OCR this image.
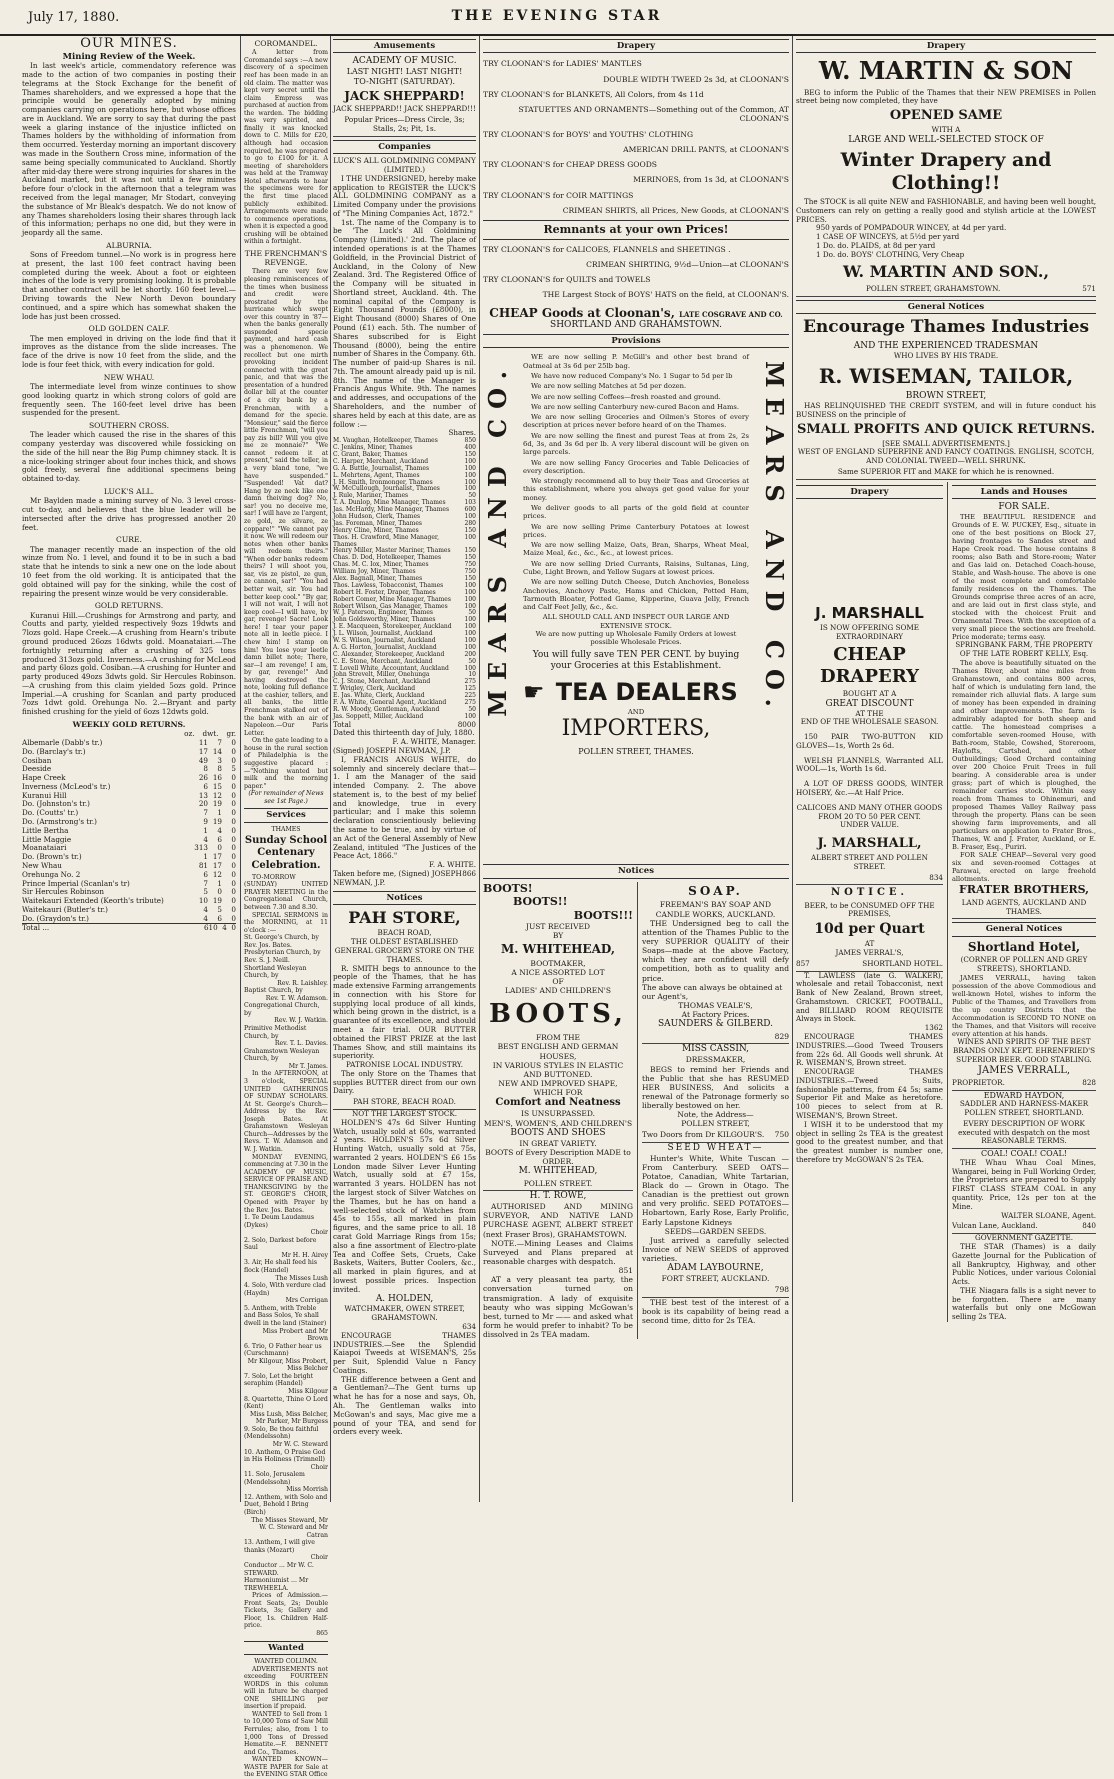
July 17, 1880.	THE EVENING STAR
OUR MINES.
Mining Review of the Week.

In last week's article, commendatory reference was made to the action of two companies in posting their telegrams at the Stock Exchange for the benefit of Thames shareholders, and we expressed a hope that the principle would be generally adopted by mining companies carrying on operations here, but whose offices are in Auckland. We are sorry to say that during the past week a glaring instance of the injustice inflicted on Thames holders by the withholding of information from them occurred. Yesterday morning an important discovery was made in the Southern Cross mine, information of the same being specially communicated to Auckland. Shortly after mid-day there were strong inquiries for shares in the Auckland market, but it was not until a few minutes before four o'clock in the afternoon that a telegram was received from the legal manager, Mr Stodart, conveying the substance of Mr Bleak's despatch. We do not know of any Thames shareholders losing their shares through lack of this information; perhaps no one did, but they were in jeopardy all the same.

ALBURNIA.

Sons of Freedom tunnel.—No work is in progress here at present, the last 100 feet contract having been completed during the week. About a foot or eighteen inches of the lode is very promising looking. It is probable that another contract will be let shortly. 160 feet level.—Driving towards the New North Devon boundary continued, and a spire which has somewhat shaken the lode has just been crossed.

OLD GOLDEN CALF.

The men employed in driving on the lode find that it improves as the distance from the slide increases. The face of the drive is now 10 feet from the slide, and the lode is four feet thick, with every indication for gold.

NEW WHAU.

The intermediate level from winze continues to show good looking quartz in which strong colors of gold are frequently seen. The 160-feet level drive has been suspended for the present.

SOUTHERN CROSS.

The leader which caused the rise in the shares of this company yesterday was discovered while fossicking on the side of the hill near the Big Pump chimney stack. It is a nice-looking stringer about four inches thick, and shows gold freely, several fine additional specimens being obtained to-day.

LUCK'S ALL.

Mr Baylden made a mining survey of No. 3 level cross-cut to-day, and believes that the blue leader will be intersected after the drive has progressed another 20 feet.

CURE.

The manager recently made an inspection of the old winze from No. 1 level, and found it to be in such a bad state that he intends to sink a new one on the lode about 10 feet from the old working. It is anticipated that the gold obtained will pay for the sinking, while the cost of repairing the present winze would be very considerable.

GOLD RETURNS.

Kuranui Hill.—Crushings for Armstrong and party, and Coutts and party, yielded respectively 9ozs 19dwts and 7lozs gold. Hape Creek.—A crushing from Hearn's tribute ground produced 26ozs 16dwts gold. Moanataiari.—The fortnightly returning after a crushing of 325 tons produced 313ozs gold. Inverness.—A crushing for McLeod and party 6lozs gold. Cosiban.—A crushing for Hunter and party produced 49ozs 3dwts gold. Sir Hercules Robinson.—A crushing from this claim yielded 5ozs gold. Prince Imperial.—A crushing for Scanlan and party produced 7ozs 1dwt gold. Orehunga No. 2.—Bryant and party finished crushing for the yield of 6ozs 12dwts gold.

WEEKLY GOLD RETURNS.
oz. dwt. gr.
Albemarle (Dabb's tr.)	11 7 0
Do. (Barclay's tr.)	17 14 0
Cosiban	49 3 0
Deeside	8 8 5
Hape Creek	26 16 0
Inverness (McLeod's tr.)	6 15 0
Kuranui Hill	13 12 0
Do. (Johnston's tr.)	20 19 0
Do. (Coutts' tr.)	7 1 0
Do. (Armstrong's tr.)	9 19 0
Little Bertha	1 4 0
Little Maggie	4 6 0
Moanataiari	313 0 0
Do. (Brown's tr.)	1 17 0
New Whau	81 17 0
Orehunga No. 2	6 12 0
Prince Imperial (Scanlan's tr)	7 1 0
Sir Hercules Robinson	5 0 0
Waitekauri Extended (Keorth's tribute)	10 19 0
Waitekauri (Butler's tr.)	4 5 0
Do. (Graydon's tr.)	4 6 0
Total ...	610 4 0
COROMANDEL.

A letter from Coromandel says :—A new discovery of a specimen reef has been made in an old claim. The matter was kept very secret until the claim Empress was purchased at auction from the warden. The bidding was very spirited, and finally it was knocked down to C. Mills for £20, although had occasion required, he was prepared to go to £100 for it. A meeting of shareholders was held at the Tramway Hotel afterwards to hear the specimens were for the first time placed publicly exhibited. Arrangements were made to commence operations, when it is expected a good crushing will be obtained within a fortnight.

THE FRENCHMAN'S REVENGE.

There are very few pleasing reminiscences of the times when business and credit were prostrated by the hurricane which swept over this country in '87—when the banks generally suspended specie payment, and hard cash was a phenomenon. We recollect but one mirth provoking incident connected with the great panic, and that was the presentation of a hundred dollar bill at the counter of a city bank by a Frenchman, with a demand for the specie. "Monsieur," said the fierce little Frenchman, "will you pay zis bill? Will you give me ze monnaie?" "We cannot redeem it at present," said the teller, in a very bland tone, "we have suspended." "Suspended! Vat dat? Hang by ze neck like one damn theiving dog? No, sar! you no deceive me, sar! I will have ze l'argent, ze gold, ze silvare, ze coppare!" "We cannot pay it now. We will redeem our notes when other banks will redeem theirs." "When oder banks redeem theirs? I will shoot you, sar, vis ze pistol, ze gun, ze cannon, sar!" "You had better wait, sir. You had better keep cool." "By gar, I will not wait, I will not keep cool—I will have, by gar, revenge! Sacre! Look here! I tear your paper note all in leetle piece. I chew him! I stamp on him! You lose your leetle damn billet note; There, sar—I am revenge! I am, by gar, revenge!" And having destroyed the note, looking full defiance at the cashier, tellers, and all banks, the little Frenchman stalked out of the bank with an air of Napoleon.—Our Paris Letter.

On the gate leading to a house in the rural section of Philadelphia is the suggestive placard :—"Nothing wanted but milk and the morning paper."

(For remainder of News see 1st Page.)
Services
THAMES
Sunday School Centenary Celebration.

TO-MORROW (SUNDAY) UNITED PRAYER MEETING in the Congregational Church, between 7.30 and 8.30.

SPECIAL SERMONS in the MORNING, at 11 o'clock :—

St. George's Church, by Rev. Jos. Bates.
Presbyterian Church, by Rev. S. J. Neill.
Shortland Wesleyan Church, by
Rev. R. Laishley.
Baptist Church, by
Rev. T. W. Adamson.
Congregational Church, by
Rev. W. J. Watkin.
Primitive Methodist Church, by
Rev. T. L. Davies.
Grahamstown Wesleyan Church, by
Mr T. James.

In the AFTERNOON, at 3 o'clock, SPECIAL UNITED GATHERINGS OF SUNDAY SCHOLARS. At St. George's Church—Address by the Rev. Joseph Bates. At Grahamstown Wesleyan Church—Addresses by the Revs. T. W. Adamson and W. J. Watkin.

MONDAY EVENING, commencing at 7.30 in the ACADEMY OF MUSIC, SERVICE OF PRAISE AND THANKSGIVING by the ST. GEORGE'S CHOIR, Opened with Prayer by the Rev. Jos. Bates.

1. Te Deum Laudamus (Dykes)
Choir
2. Solo, Darkest before Saul
Mr H. H. Airey
3. Air, He shall feed his flock (Handel)
The Misses Lush
4. Solo, With verdure clad (Haydn)
Mrs Corrigan
5. Anthem, with Treble and Bass Solos, Ye shall dwell in the land (Stainer)
Miss Probert and Mr Brown
6. Trio, O Father hear us (Curschmann)
Mr Kilgour, Miss Probert, Miss Belcher
7. Solo, Let the bright seraphim (Handel)
Miss Kilgour
8. Quartette, Thine O Lord (Kent)
Miss Lush, Miss Belcher, Mr Parker, Mr Burgess
9. Solo, Be thou faithful (Mendelssohn)
Mr W. C. Steward
10. Anthem, O Praise God in His Holiness (Trimnell)
Choir
11. Solo, Jerusalem (Mendelssohn)
Miss Morrish
12. Anthem, with Solo and Duet, Behold I Bring (Birch)
The Misses Steward, Mr W. C. Steward and Mr Catran
13. Anthem, I will give thanks (Mozart)
Choir
Conductor ... Mr W. C. STEWARD.
Harmoniumist ... Mr TREWHEELA.

Prices of Admission.—Front Seats, 2s; Double Tickets, 3s; Gallery and Floor, 1s. Children Half-price.

865
Wanted
WANTED COLUMN.

ADVERTISEMENTS not exceeding FOURTEEN WORDS in this column will in future be charged ONE SHILLING per insertion if prepaid.

WANTED to Sell from 1 to 10,000 Tons of Saw Mill Ferrules; also, from 1 to 1,000 Tons of Dressed Hematite.—F. BENNETT and Co., Thames.

WANTED KNOWN—WASTE PAPER for Sale at the EVENING STAR Office

Amusements
ACADEMY OF MUSIC.
LAST NIGHT! LAST NIGHT!
TO-NIGHT (SATURDAY).
JACK SHEPPARD!
JACK SHEPPARD!! JACK SHEPPARD!!!
Popular Prices—Dress Circle, 3s; Stalls, 2s; Pit, 1s.
Companies
LUCK'S ALL GOLDMINING COMPANY (LIMITED.)

I THE UNDERSIGNED, hereby make application to REGISTER the LUCK'S ALL GOLDMINING COMPANY as a Limited Company under the provisions of "The Mining Companies Act, 1872."

1st. The name of the Company is to be 'The Luck's All Goldmining Company (Limited).' 2nd. The place of intended operations is at the Thames Goldfield, in the Provincial District of Auckland, in the Colony of New Zealand. 3rd. The Registered Office of the Company will be situated in Shortland street, Auckland. 4th. The nominal capital of the Company is Eight Thousand Pounds (£8000), in Eight Thousand (8000) Shares of One Pound (£1) each. 5th. The number of Shares subscribed for is Eight Thousand (8000), being the entire number of Shares in the Company. 6th. The number of paid-up Shares is nil. 7th. The amount already paid up is nil. 8th. The name of the Manager is Francis Angus White. 9th. The names and addresses, and occupations of the Shareholders, and the number of shares held by each at this date, are as follow :—

Shares.
M. Vaughan, Hotelkeeper, Thames	850
C. Jenkins, Miner, Thames	400
C. Grant, Baker, Thames	150
C. Harper, Merchant, Auckland	100
G. A. Buttle, Journalist, Thames	100
L. Mehrtens, Agent, Thames	100
J. H. Smith, Ironmonger, Thames	100
W. McCullough, Journalist, Thames	100
J. Rule, Mariner, Thames	50
T. A. Dunlop, Mine Manager, Thames	103
Jas. McHardy, Mine Manager, Thames	600
John Hudson, Clerk, Thames	100
Jas. Foreman, Miner, Thames	280
Henry Cline, Miner, Thames	150
Thos. H. Crawford, Mine Manager, Thames
100
Henry Miller, Master Mariner, Thames 150
Chas. D. Dod, Hotelkeeper, Thames	150
Chas. M. C. Iox, Miner, Thames	750
William Joy, Miner, Thames	750
Alex. Bagnall, Miner, Thames	150
Thos. Lawless, Tobacconist, Thames	100
Robert H. Foster, Draper, Thames	100
Robert Comer, Mine Manager, Thames 100
Robert Wilson, Gas Manager, Thames	100
W. J. Paterson, Engineer, Thames	50
John Goldsworthy, Miner, Thames	100
J. E. Macqueen, Storekeeper, Auckland 100
J. L. Wilson, Journalist, Auckland	100
W. S. Wilson, Journalist, Auckland	100
A. G. Horton, Journalist, Auckland	100
C. Alexander, Storekeeper, Auckland	200
C. E. Stone, Merchant, Auckland	50
T. Lovell White, Accountant, Auckland	100
John Strevelt, Miller, Onehunga	10
C. J. Stone, Merchant, Auckland	275
T. Wrigley, Clerk, Auckland	125
E. Jas. White, Clerk, Auckland	225
F. A. White, General Agent, Auckland	275
R. W. Moody, Gentleman, Auckland	50
Jas. Soppett, Miller, Auckland	100
Total	8000
Dated this thirteenth day of July, 1880.
F. A. WHITE, Manager.
(Signed) JOSEPH NEWMAN, J.P.

I, FRANCIS ANGUS WHITE, do solemnly and sincerely declare that— 1. I am the Manager of the said intended Company. 2. The above statement is, to the best of my belief and knowledge, true in every particular; and I make this solemn declaration conscientiously believing the same to be true, and by virtue of an Act of the General Assembly of New Zealand, intituled "The Justices of the Peace Act, 1866."

F. A. WHITE.
Taken before me, (Signed) JOSEPH NEWMAN, J.P.
866
Notices
PAH STORE,
BEACH ROAD,
THE OLDEST ESTABLISHED GENERAL GROCERY STORE ON THE THAMES.

R. SMITH begs to announce to the people of the Thames, that he has made extensive Farming arrangements in connection with his Store for supplying local produce of all kinds, which being grown in the district, is a guarantee of its excellence, and should meet a fair trial. OUR BUTTER obtained the FIRST PRIZE at the last Thames Show, and still maintains its superiority.

PATRONISE LOCAL INDUSTRY.

The only Store on the Thames that supplies BUTTER direct from our own Dairy.

PAH STORE, BEACH ROAD.
NOT THE LARGEST STOCK.

HOLDEN'S 47s 6d Silver Hunting Watch, usually sold at 60s, warranted 2 years. HOLDEN'S 57s 6d Silver Hunting Watch, usually sold at 75s, warranted 2 years. HOLDEN'S £6 15s London made Silver Lever Hunting Watch, usually sold at £7 15s, warranted 3 years. HOLDEN has not the largest stock of Silver Watches on the Thames, but he has on hand a well-selected stock of Watches from 45s to 155s, all marked in plain figures, and the same price to all. 18 carat Gold Marriage Rings from 15s; also a fine assortment of Electro-plate Tea and Coffee Sets, Cruets, Cake Baskets, Waiters, Butter Coolers, &c., all marked in plain figures, and at lowest possible prices. Inspection invited.

A. HOLDEN,
WATCHMAKER, OWEN STREET, GRAHAMSTOWN.
634

ENCOURAGE THAMES INDUSTRIES.—See the Splendid Kaiapoi Tweeds at WISEMAN'S, 25s per Suit, Splendid Value n Fancy Coatings.

THE difference between a Gent and a Gentleman?—The Gent turns up what he has for a nose and says, Oh, Ah. The Gentleman walks into McGowan's and says, Mac give me a pound of your TEA, and send for orders every week.

Drapery
TRY CLOONAN'S for LADIES' MANTLES
DOUBLE WIDTH TWEED 2s 3d, at CLOONAN'S
TRY CLOONAN'S for BLANKETS, All Colors, from 4s 11d
STATUETTES AND ORNAMENTS—Something out of the Common, AT CLOONAN'S
TRY CLOONAN'S for BOYS' and YOUTHS' CLOTHING
AMERICAN DRILL PANTS, at CLOONAN'S
TRY CLOONAN'S for CHEAP DRESS GOODS
MERINOES, from 1s 3d, at CLOONAN'S
TRY CLOONAN'S for COIR MATTINGS
CRIMEAN SHIRTS, all Prices, New Goods, at CLOONAN'S
Remnants at your own Prices!
TRY CLOONAN'S for CALICOES, FLANNELS and SHEETINGS .
CRIMEAN SHIRTING, 9½d—Union—at CLOONAN'S
TRY CLOONAN'S for QUILTS and TOWELS
THE Largest Stock of BOYS' HATS on the field, at CLOONAN'S.
CHEAP Goods at Cloonan's, LATE COSGRAVE AND CO.
SHORTLAND AND GRAHAMSTOWN.
Provisions
MEARS AND CO.	MEARS AND CO.

WE are now selling P. McGill's and other best brand of Oatmeal at 3s 6d per 25lb bag.

We have now reduced Company's No. 1 Sugar to 5d per lb

We are now selling Matches at 5d per dozen.

We are now selling Coffees—fresh roasted and ground.

We are now selling Canterbury new-cured Bacon and Hams.

We are now selling Groceries and Oilmen's Stores of every description at prices never before heard of on the Thames.

We are now selling the finest and purest Teas at from 2s, 2s 6d, 3s, and 3s 6d per lb. A very liberal discount will be given on large parcels.

We are now selling Fancy Groceries and Table Delicacies of every description.

We strongly recommend all to buy their Teas and Groceries at this establishment, where you always get good value for your money.

We deliver goods to all parts of the gold field at counter prices.

We are now selling Prime Canterbury Potatoes at lowest prices.

We are now selling Maize, Oats, Bran, Sharps, Wheat Meal, Maize Meal, &c., &c., &c., at lowest prices.

We are now selling Dried Currants, Raisins, Sultanas, Ling, Cube, Light Brown, and Yellow Sugars at lowest prices.

We are now selling Dutch Cheese, Dutch Anchovies, Boneless Anchovies, Anchovy Paste, Hams and Chicken, Potted Ham, Tarmouth Bloater, Potted Game, Kipperine, Guava Jelly, French and Calf Feet Jelly, &c., &c.

ALL SHOULD CALL AND INSPECT OUR LARGE AND EXTENSIVE STOCK.
We are now putting up Wholesale Family Orders at lowest possible Wholesale Prices.
You will fully save TEN PER CENT. by buying your Groceries at this Establishment.
☛ TEA DEALERS
AND
IMPORTERS,
POLLEN STREET, THAMES.
Notices
BOOTS!
BOOTS!!
BOOTS!!!
JUST RECEIVED
BY
M. WHITEHEAD,
BOOTMAKER,
A NICE ASSORTED LOT
OF
LADIES' AND CHILDREN'S
BOOTS,
FROM THE
BEST ENGLISH AND GERMAN HOUSES,
IN VARIOUS STYLES IN ELASTIC AND BUTTONED.
NEW AND IMPROVED SHAPE,
WHICH FOR
Comfort and Neatness
IS UNSURPASSED.
MEN'S, WOMEN'S, AND CHILDREN'S
BOOTS AND SHOES
IN GREAT VARIETY.
BOOTS of Every Description MADE to ORDER.
M. WHITEHEAD,
POLLEN STREET.
H. T. ROWE,

AUTHORISED AND MINING SURVEYOR, AND NATIVE LAND PURCHASE AGENT, ALBERT STREET (next Fraser Bros), GRAHAMSTOWN.

NOTE.—Mining Leases and Claims Surveyed and Plans prepared at reasonable charges with despatch.

851

AT a very pleasant tea party, the conversation turned on transmigration. A lady of exquisite beauty who was sipping McGowan's best, turned to Mr —— and asked what form he would prefer to inhabit? To be dissolved in 2s TEA madam.

SOAP.
FREEMAN'S BAY SOAP AND CANDLE WORKS, AUCKLAND.

THE Undersigned beg to call the attention of the Thames Public to the very SUPERIOR QUALITY of their Soaps—made at the above Factory, which they are confident will defy competition, both as to quality and price.

The above can always be obtained at our Agent's,
THOMAS VEALE'S,
At Factory Prices.
SAUNDERS & GILBERD.
829
MISS CASSIN,
DRESSMAKER,

BEGS to remind her Friends and the Public that she has RESUMED HER BUSINESS, And solicits a renewal of the Patronage formerly so liberally bestowed on her.

Note, the Address—
POLLEN STREET,
Two Doors from Dr KILGOUR'S. 750
SEED WHEAT—

Hunter's White, White Tuscan — From Canterbury. SEED OATS—Potatoe, Canadian, White Tartarian, Black do — Grown in Otago. The Canadian is the prettiest out grown and very prolific. SEED POTATOES—Hobartown, Early Rose, Early Prolific, Early Lapstone Kidneys

SEEDS—GARDEN SEEDS.

Just arrived a carefully selected Invoice of NEW SEEDS of approved varieties.

ADAM LAYBOURNE,
FORT STREET, AUCKLAND.
798

THE best test of the interest of a book is its capability of being read a second time, ditto for 2s TEA.

Drapery
W. MARTIN & SON

BEG to inform the Public of the Thames that their NEW PREMISES in Pollen street being now completed, they have

OPENED SAME
WITH A
LARGE AND WELL-SELECTED STOCK OF
Winter Drapery and Clothing!!

The STOCK is all quite NEW and FASHIONABLE, and having been well bought, Customers can rely on getting a really good and stylish article at the LOWEST PRICES.

950 yards of POMPADOUR WINCEY, at 4d per yard.
1 CASE OF WINCEYS, at 5½d per yard
1 Do. do. PLAIDS, at 8d per yard
1 Do. do. BOYS' CLOTHING, Very Cheap
W. MARTIN AND SON.,
POLLEN STREET, GRAHAMSTOWN.	571
General Notices
Encourage Thames Industries
AND THE EXPERIENCED TRADESMAN
WHO LIVES BY HIS TRADE.
R. WISEMAN, TAILOR,
BROWN STREET,

HAS RELINQUISHED THE CREDIT SYSTEM, and will in future conduct his BUSINESS on the principle of

SMALL PROFITS AND QUICK RETURNS.
[SEE SMALL ADVERTISEMENTS.]
WEST OF ENGLAND SUPERFINE AND FANCY COATINGS. ENGLISH, SCOTCH, AND COLONIAL TWEED—WELL SHRUNK.
Same SUPERIOR FIT and MAKE for which he is renowned.
Drapery
J. MARSHALL
IS NOW OFFERING SOME EXTRAORDINARY
CHEAP DRAPERY
BOUGHT AT A
GREAT DISCOUNT
AT THE
END OF THE WHOLESALE SEASON.

150 PAIR TWO-BUTTON KID GLOVES—1s, Worth 2s 6d.

WELSH FLANNELS, Warranted ALL WOOL—1s, Worth 1s 6d.

A LOT OF DRESS GOODS, WINTER HOISERY, &c.—At Half Price.

CALICOES AND MANY OTHER GOODS
FROM 20 TO 50 PER CENT.
UNDER VALUE.
J. MARSHALL,
ALBERT STREET AND POLLEN STREET.
834
NOTICE.
BEER, to be CONSUMED OFF THE PREMISES,
10d per Quart
AT
JAMES VERRAL'S,
857	SHORTLAND HOTEL.

T. LAWLESS (late G. WALKER), wholesale and retail Tobacconist, next Bank of New Zealand, Brown street, Grahamstown. CRICKET, FOOTBALL, and BILLIARD ROOM REQUISITE Always in Stock.

1362

ENCOURAGE THAMES INDUSTRIES.—Good Tweed Trousers from 22s 6d. All Goods well shrunk. At R. WISEMAN'S, Brown street.

ENCOURAGE THAMES INDUSTRIES.—Tweed Suits, fashionable patterns, from £4 5s; same Superior Fit and Make as heretofore. 100 pieces to select from at R. WISEMAN'S, Brown Street.

I WISH it to be understood that my object in selling 2s TEA is the greatest good to the greatest number, and that the greatest number is number one, therefore try McGOWAN'S 2s TEA.

Lands and Houses
FOR SALE.

THE BEAUTIFUL RESIDENCE and Grounds of E. W. PUCKEY, Esq., situate in one of the best positions on Block 27, having frontages to Sandes street and Hape Creek road. The house contains 8 rooms; also Bath and Store-room; Water and Gas laid on. Detached Coach-house, Stable, and Wash-house. The above is one of the most complete and comfortable family residences on the Thames. The Grounds comprise three acres of an acre, and are laid out in first class style, and stocked with the choicest Fruit and Ornamental Trees. With the exception of a very small piece the sections are freehold. Price moderate; terms easy.

SPRINGBANK FARM, THE PROPERTY OF THE LATE ROBERT KELLY, Esq.

The above is beautifully situated on the Thames River, about nine miles from Grahamstown, and contains 800 acres, half of which is undulating fern land, the remainder rich alluvial flats. A large sum of money has been expended in draining and other improvements. The farm is admirably adapted for both sheep and cattle. The homestead comprises a comfortable seven-roomed House, with Bath-room, Stable, Cowshed, Storeroom, Haylofts, Cartshed, and other Outbuildings; Good Orchard containing over 200 Choice Fruit Trees in full bearing. A considerable area is under grass; part of which is ploughed, the remainder carries stock. Within easy reach from Thames to Ohinemuri, and proposed Thames Valley Railway pass through the property. Plans can be seen showing farm improvements, and all particulars on application to Frater Bros., Thames, W. and J. Frater, Auckland, or E. B. Fraser, Esq., Puriri.

FOR SALE CHEAP—Several very good six and seven-roomed Cottages at Parawai, erected on large freehold allotments.

FRATER BROTHERS,
LAND AGENTS, AUCKLAND AND THAMES.
General Notices
Shortland Hotel,
(CORNER OF POLLEN AND GREY STREETS), SHORTLAND.

JAMES VERRALL, having taken possession of the above Commodious and well-known Hotel, wishes to inform the Public of the Thames, and Travellers from the up country Districts that the Accommodation is SECOND TO NONE on the Thames, and that Visitors will receive every attention at his hands.

WINES AND SPIRITS OF THE BEST BRANDS ONLY KEPT. EHRENFRIED'S SUPERIOR BEER. GOOD STABLING.
JAMES VERRALL,
PROPRIETOR.	828
EDWARD HAYDON,
SADDLER AND HARNESS-MAKER
POLLEN STREET, SHORTLAND.
EVERY DESCRIPTION OF WORK executed with despatch on the most REASONABLE TERMS.
COAL! COAL! COAL!

THE Whau Whau Coal Mines, Wangarei, being in Full Working Order, the Proprietors are prepared to Supply FIRST CLASS STEAM COAL in any quantity. Price, 12s per ton at the Mine.

WALTER SLOANE, Agent.
Vulcan Lane, Auckland.	840
GOVERNMENT GAZETTE.

THE STAR (Thames) is a daily Gazette Journal for the Publication of all Bankruptcy, Highway, and other Public Notices, under various Colonial Acts.

THE Niagara falls is a sight never to be forgotten. There are many waterfalls but only one McGowan selling 2s TEA.
